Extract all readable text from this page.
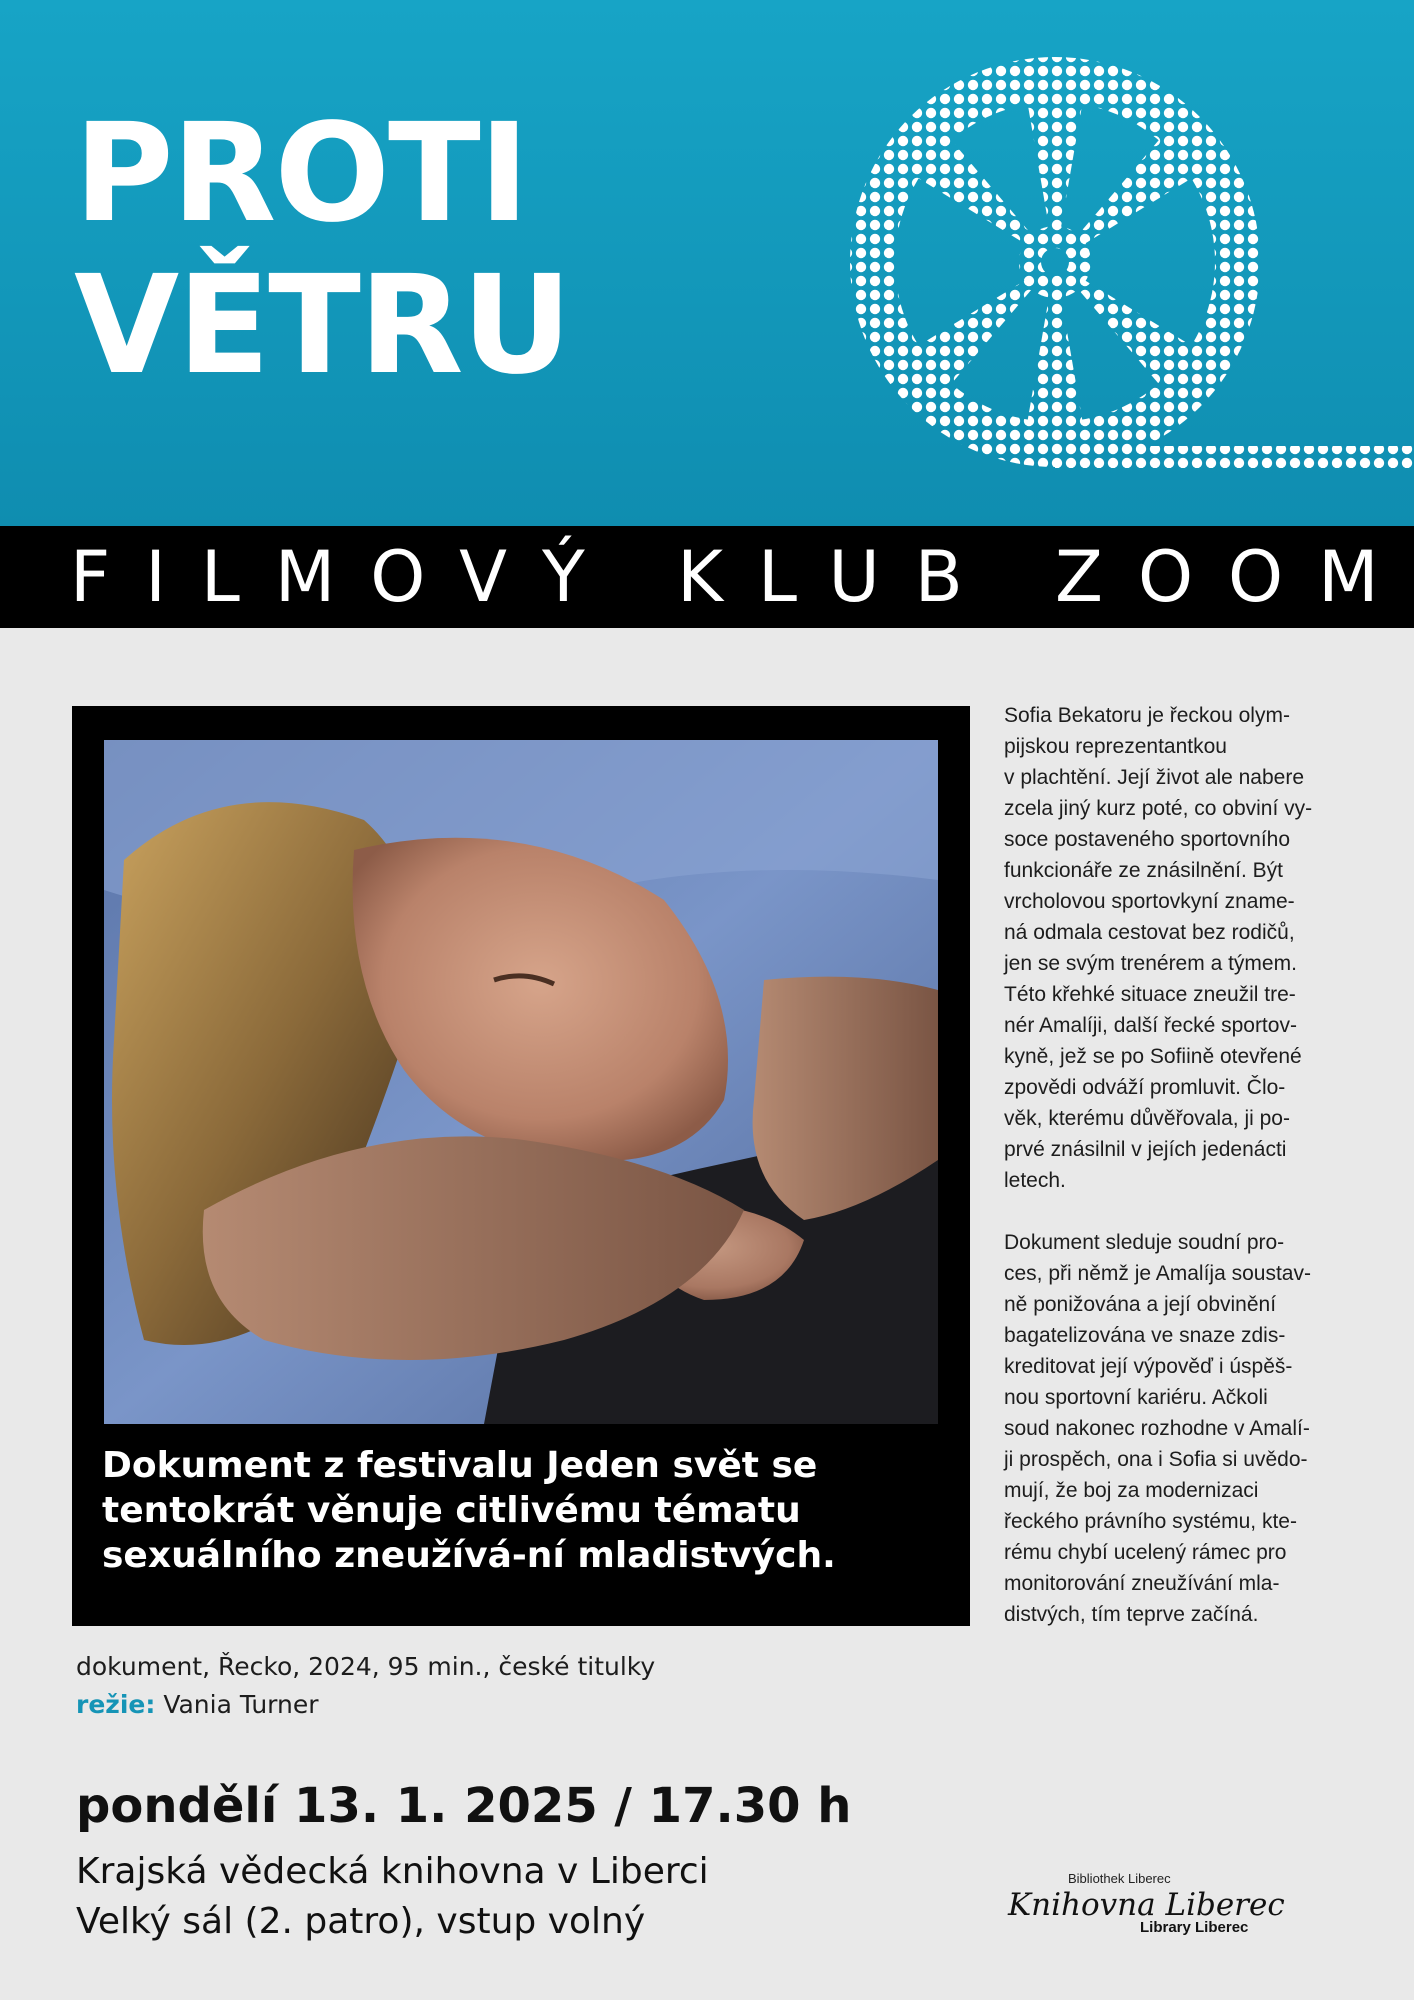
PROTI
VĚTRU
FILMOVÝ KLUB ZOOM

Dokument z festivalu Jeden svět se tentokrát věnuje citlivému tématu sexuálního zneužívá-ní mladistvých.

Sofia Bekatoru je řeckou olym-
pijskou reprezentantkou
v plachtění. Její život ale nabere
zcela jiný kurz poté, co obviní vy-
soce postaveného sportovního
funkcionáře ze znásilnění. Být
vrcholovou sportovkyní zname-
ná odmala cestovat bez rodičů,
jen se svým trenérem a týmem.
Této křehké situace zneužil tre-
nér Amalíji, další řecké sportov-
kyně, jež se po Sofiině otevřené
zpovědi odváží promluvit. Člo-
věk, kterému důvěřovala, ji po-
prvé znásilnil v jejích jedenácti
letech.

Dokument sleduje soudní pro-
ces, při němž je Amalíja soustav-
ně ponižována a její obvinění
bagatelizována ve snaze zdis-
kreditovat její výpověď i úspěš-
nou sportovní kariéru. Ačkoli
soud nakonec rozhodne v Amalí-
ji prospěch, ona i Sofia si uvědo-
mují, že boj za modernizaci
řeckého právního systému, kte-
rému chybí ucelený rámec pro
monitorování zneužívání mla-
distvých, tím teprve začíná.

dokument, Řecko, 2024, 95 min., české titulky
režie: Vania Turner

pondělí 13. 1. 2025 / 17.30 h

Krajská vědecká knihovna v Liberci
Velký sál (2. patro), vstup volný
Bibliothek Liberec
Knihovna Liberec
Library Liberec
